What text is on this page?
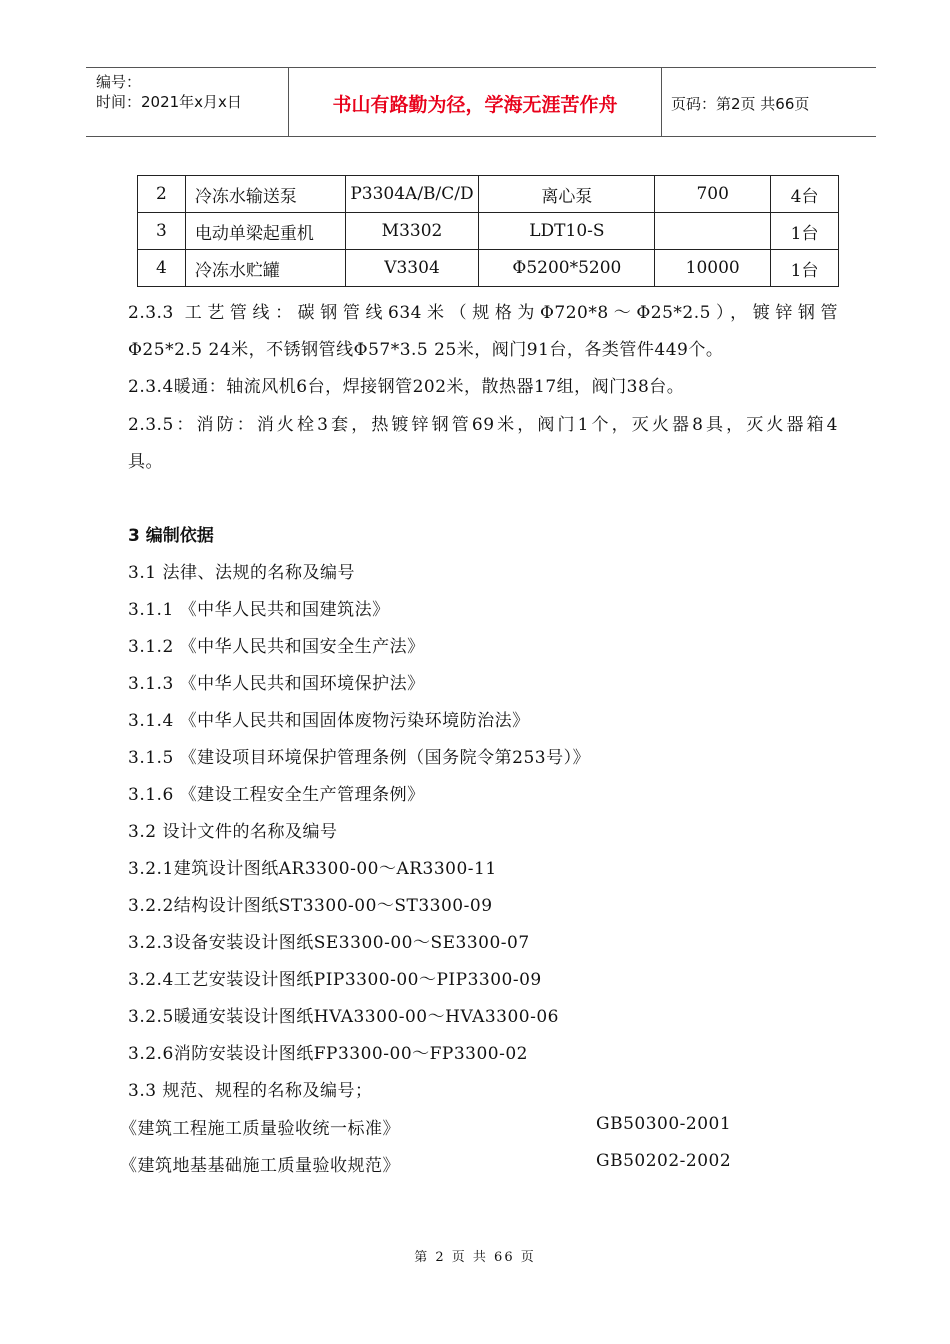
编号：
时间：2021年x月x日	书山有路勤为径，学海无涯苦作舟	页码：第2页 共66页
2	冷冻水输送泵	P3304A/B/C/D	离心泵	700	4台
3	电动单梁起重机	M3302	LDT10-S		1台
4	冷冻水贮罐	V3304	Φ5200*5200	10000	1台
2.3.3 工艺管线：碳钢管线634米（规格为Φ720*8～Φ25*2.5），镀锌钢管
Φ25*2.5 24米，不锈钢管线Φ57*3.5 25米，阀门91台，各类管件449个。
2.3.4暖通：轴流风机6台，焊接钢管202米，散热器17组，阀门38台。
2.3.5：消防：消火栓3套，热镀锌钢管69米，阀门1个，灭火器8具，灭火器箱4
具。
3 编制依据
3.1 法律、法规的名称及编号
3.1.1 《中华人民共和国建筑法》
3.1.2 《中华人民共和国安全生产法》
3.1.3 《中华人民共和国环境保护法》
3.1.4 《中华人民共和国固体废物污染环境防治法》
3.1.5 《建设项目环境保护管理条例（国务院令第253号）》
3.1.6 《建设工程安全生产管理条例》
3.2 设计文件的名称及编号
3.2.1建筑设计图纸AR3300-00～AR3300-11
3.2.2结构设计图纸ST3300-00～ST3300-09
3.2.3设备安装设计图纸SE3300-00～SE3300-07
3.2.4工艺安装设计图纸PIP3300-00～PIP3300-09
3.2.5暖通安装设计图纸HVA3300-00～HVA3300-06
3.2.6消防安装设计图纸FP3300-00～FP3300-02
3.3 规范、规程的名称及编号；
《建筑工程施工质量验收统一标准》	GB50300-2001
《建筑地基基础施工质量验收规范》	GB50202-2002
第 2 页 共 66 页
